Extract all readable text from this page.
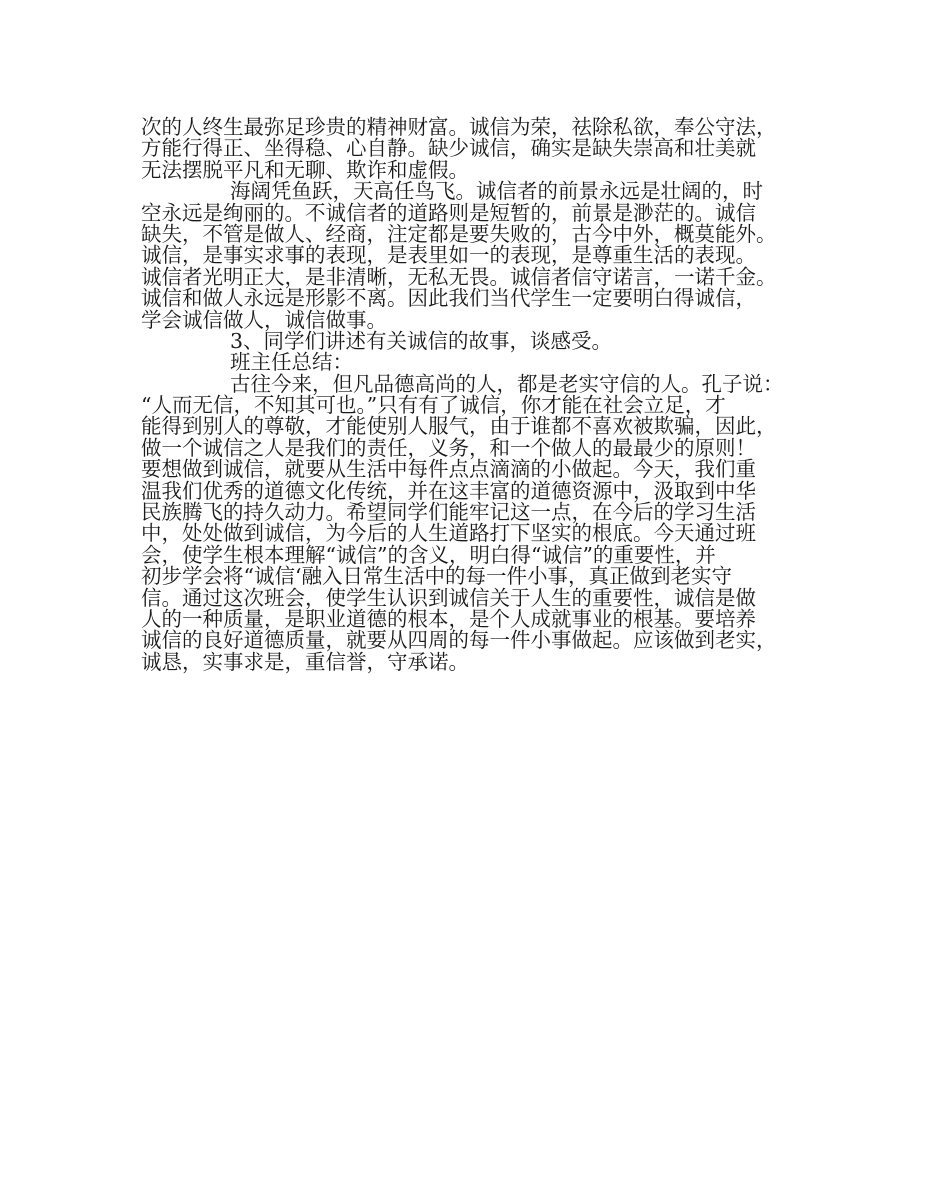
次的人终生最弥足珍贵的精神财富。诚信为荣，祛除私欲，奉公守法，
方能行得正、坐得稳、心自静。缺少诚信，确实是缺失崇高和壮美就
无法摆脱平凡和无聊、欺诈和虚假。
海阔凭鱼跃，天高任鸟飞。诚信者的前景永远是壮阔的，时
空永远是绚丽的。不诚信者的道路则是短暂的，前景是渺茫的。诚信
缺失，不管是做人、经商，注定都是要失败的，古今中外，概莫能外。
诚信，是事实求事的表现，是表里如一的表现，是尊重生活的表现。
诚信者光明正大，是非清晰，无私无畏。诚信者信守诺言，一诺千金。
诚信和做人永远是形影不离。因此我们当代学生一定要明白得诚信，
学会诚信做人，诚信做事。
3、同学们讲述有关诚信的故事，谈感受。
班主任总结：
古往今来，但凡品德高尚的人，都是老实守信的人。孔子说：
“人而无信，不知其可也。”只有有了诚信，你才能在社会立足，才
能得到别人的尊敬，才能使别人服气，由于谁都不喜欢被欺骗，因此，
做一个诚信之人是我们的责任，义务，和一个做人的最最少的原则！
要想做到诚信，就要从生活中每件点点滴滴的小做起。今天，我们重
温我们优秀的道德文化传统，并在这丰富的道德资源中，汲取到中华
民族腾飞的持久动力。希望同学们能牢记这一点，在今后的学习生活
中，处处做到诚信，为今后的人生道路打下坚实的根底。今天通过班
会，使学生根本理解“诚信”的含义，明白得“诚信”的重要性，并
初步学会将“诚信‘融入日常生活中的每一件小事，真正做到老实守
信。通过这次班会，使学生认识到诚信关于人生的重要性，诚信是做
人的一种质量，是职业道德的根本，是个人成就事业的根基。要培养
诚信的良好道德质量，就要从四周的每一件小事做起。应该做到老实，
诚恳，实事求是，重信誉，守承诺。
